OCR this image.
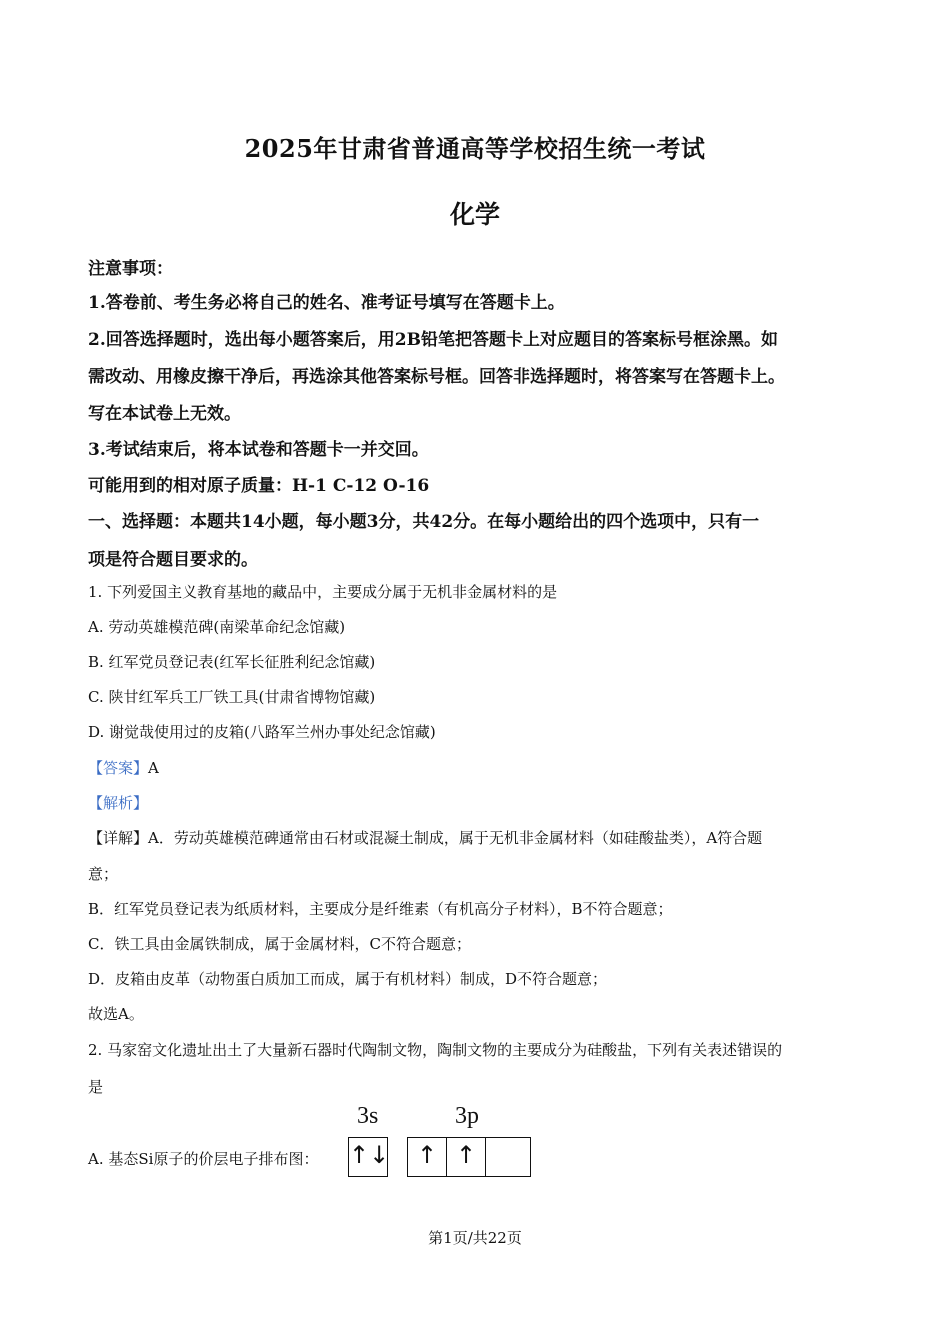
2025年甘肃省普通高等学校招生统一考试
化学
注意事项：
1.答卷前、考生务必将自己的姓名、准考证号填写在答题卡上。
2.回答选择题时，选出每小题答案后，用2B铅笔把答题卡上对应题目的答案标号框涂黑。如
需改动、用橡皮擦干净后，再选涂其他答案标号框。回答非选择题时，将答案写在答题卡上。
写在本试卷上无效。
3.考试结束后，将本试卷和答题卡一并交回。
可能用到的相对原子质量：H-1 C-12 O-16
一、选择题：本题共14小题，每小题3分，共42分。在每小题给出的四个选项中，只有一
项是符合题目要求的。
1. 下列爱国主义教育基地的藏品中，主要成分属于无机非金属材料的是
A. 劳动英雄模范碑(南梁革命纪念馆藏)
B. 红军党员登记表(红军长征胜利纪念馆藏)
C. 陕甘红军兵工厂铁工具(甘肃省博物馆藏)
D. 谢觉哉使用过的皮箱(八路军兰州办事处纪念馆藏)
【答案】A
【解析】
【详解】A．劳动英雄模范碑通常由石材或混凝土制成，属于无机非金属材料（如硅酸盐类），A符合题
意；
B．红军党员登记表为纸质材料，主要成分是纤维素（有机高分子材料），B不符合题意；
C．铁工具由金属铁制成，属于金属材料，C不符合题意；
D．皮箱由皮革（动物蛋白质加工而成，属于有机材料）制成，D不符合题意；
故选A。
2. 马家窑文化遗址出土了大量新石器时代陶制文物，陶制文物的主要成分为硅酸盐，下列有关表述错误的
是
A. 基态Si原子的价层电子排布图：
3s	3p
↑↓	↑ ↑
第1页/共22页
